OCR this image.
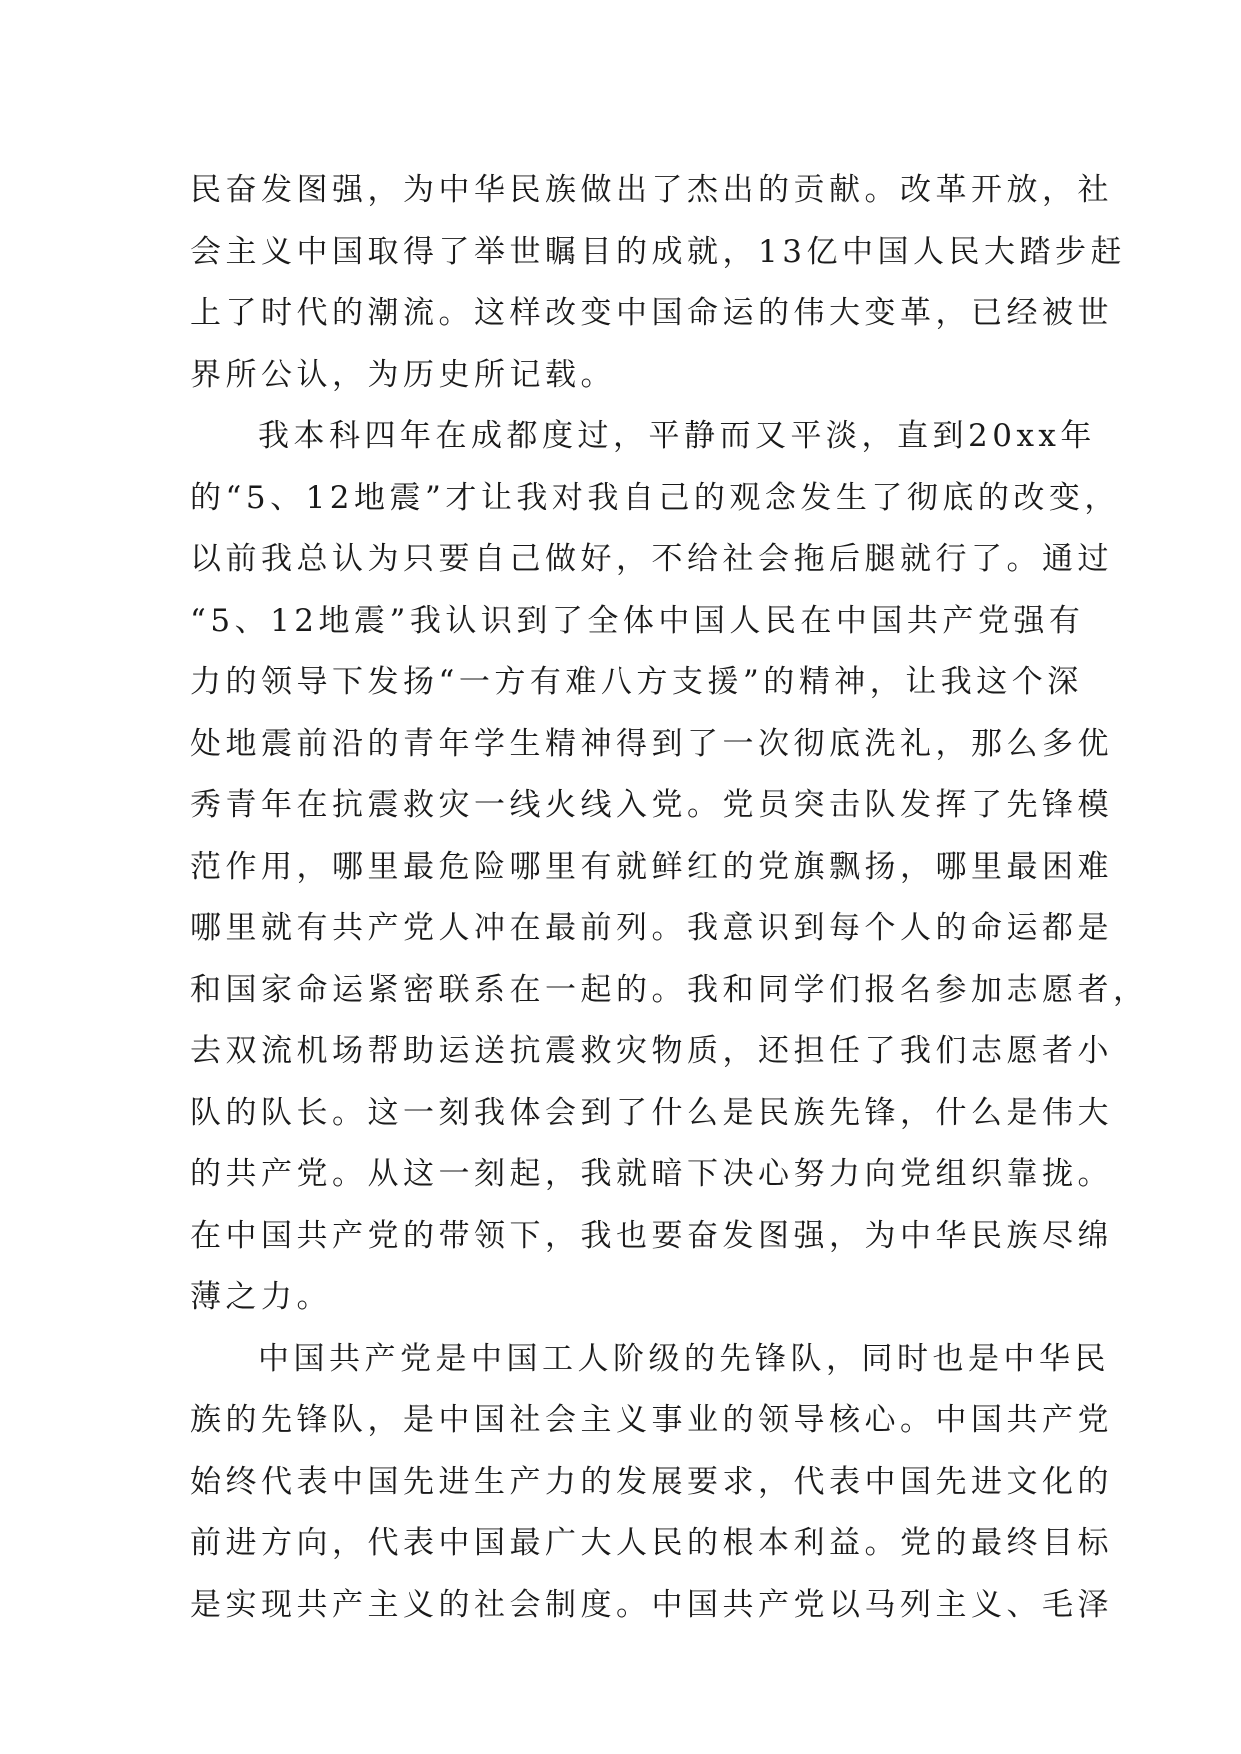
民奋发图强，为中华民族做出了杰出的贡献。改革开放，社
会主义中国取得了举世瞩目的成就，13亿中国人民大踏步赶
上了时代的潮流。这样改变中国命运的伟大变革，已经被世
界所公认，为历史所记载。
我本科四年在成都度过，平静而又平淡，直到20xx年
的“5、12地震”才让我对我自己的观念发生了彻底的改变，
以前我总认为只要自己做好，不给社会拖后腿就行了。通过
“5、12地震”我认识到了全体中国人民在中国共产党强有
力的领导下发扬“一方有难八方支援”的精神，让我这个深
处地震前沿的青年学生精神得到了一次彻底洗礼，那么多优
秀青年在抗震救灾一线火线入党。党员突击队发挥了先锋模
范作用，哪里最危险哪里有就鲜红的党旗飘扬，哪里最困难
哪里就有共产党人冲在最前列。我意识到每个人的命运都是
和国家命运紧密联系在一起的。我和同学们报名参加志愿者，
去双流机场帮助运送抗震救灾物质，还担任了我们志愿者小
队的队长。这一刻我体会到了什么是民族先锋，什么是伟大
的共产党。从这一刻起，我就暗下决心努力向党组织靠拢。
在中国共产党的带领下，我也要奋发图强，为中华民族尽绵
薄之力。
中国共产党是中国工人阶级的先锋队，同时也是中华民
族的先锋队，是中国社会主义事业的领导核心。中国共产党
始终代表中国先进生产力的发展要求，代表中国先进文化的
前进方向，代表中国最广大人民的根本利益。党的最终目标
是实现共产主义的社会制度。中国共产党以马列主义、毛泽
